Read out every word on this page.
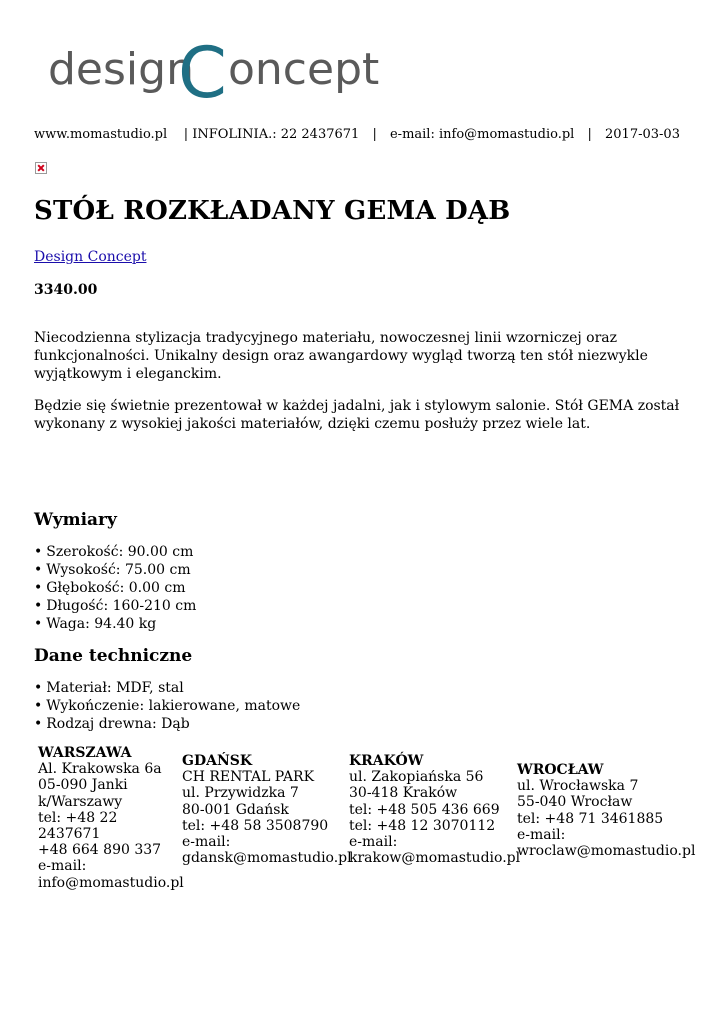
design
C oncept
www.momastudio.pl | INFOLINIA.: 22 2437671 | e-mail: info@momastudio.pl | 2017-03-03
STÓŁ ROZKŁADANY GEMA DĄB
Design Concept
3340.00

Niecodzienna stylizacja tradycyjnego materiału, nowoczesnej linii wzorniczej oraz funkcjonalności. Unikalny design oraz awangardowy wygląd tworzą ten stół niezwykle wyjątkowym i eleganckim.

Będzie się świetnie prezentował w każdej jadalni, jak i stylowym salonie. Stół GEMA został wykonany z wysokiej jakości materiałów, dzięki czemu posłuży przez wiele lat.

Wymiary
• Szerokość: 90.00 cm
• Wysokość: 75.00 cm
• Głębokość: 0.00 cm
• Długość: 160-210 cm
• Waga: 94.40 kg
Dane techniczne
• Materiał: MDF, stal
• Wykończenie: lakierowane, matowe
• Rodzaj drewna: Dąb
WARSZAWA
Al. Krakowska 6a
05-090 Janki
k/Warszawy
tel: +48 22 2437671
+48 664 890 337
e-mail:
info@momastudio.pl
GDAŃSK
CH RENTAL PARK
ul. Przywidzka 7
80-001 Gdańsk
tel: +48 58 3508790
e-mail:
gdansk@momastudio.pl
KRAKÓW
ul. Zakopiańska 56
30-418 Kraków
tel: +48 505 436 669
tel: +48 12 3070112
e-mail:
krakow@momastudio.pl
WROCŁAW
ul. Wrocławska 7
55-040 Wrocław
tel: +48 71 3461885
e-mail:
wroclaw@momastudio.pl
